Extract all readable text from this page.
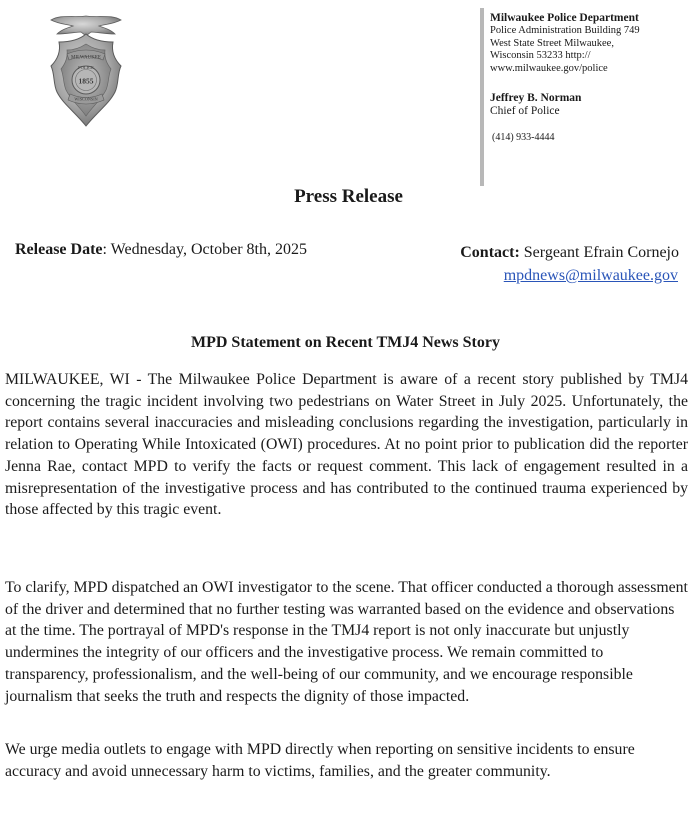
MILWAUKEE
POLICE
1855
WISCONSIN
Milwaukee Police Department
Police Administration Building 749
West State Street Milwaukee,
Wisconsin 53233 http://
www.milwaukee.gov/police
Jeffrey B. Norman
Chief of Police
(414) 933-4444
Press Release
Release Date: Wednesday, October 8th, 2025	Contact: Sergeant Efrain Cornejo
mpdnews@milwaukee.gov
MPD Statement on Recent TMJ4 News Story
MILWAUKEE, WI - The Milwaukee Police Department is aware of a recent story published by TMJ4 concerning the tragic incident involving two pedestrians on Water Street in July 2025. Unfortunately, the report contains several inaccuracies and misleading conclusions regarding the investigation, particularly in relation to Operating While Intoxicated (OWI) procedures. At no point prior to publication did the reporter Jenna Rae, contact MPD to verify the facts or request comment. This lack of engagement resulted in a misrepresentation of the investigative process and has contributed to the continued trauma experienced by those affected by this tragic event.
To clarify, MPD dispatched an OWI investigator to the scene. That officer conducted a thorough assessment of the driver and determined that no further testing was warranted based on the evidence and observations at the time. The portrayal of MPD's response in the TMJ4 report is not only inaccurate but unjustly undermines the integrity of our officers and the investigative process. We remain committed to transparency, professionalism, and the well-being of our community, and we encourage responsible journalism that seeks the truth and respects the dignity of those impacted.
We urge media outlets to engage with MPD directly when reporting on sensitive incidents to ensure accuracy and avoid unnecessary harm to victims, families, and the greater community.
